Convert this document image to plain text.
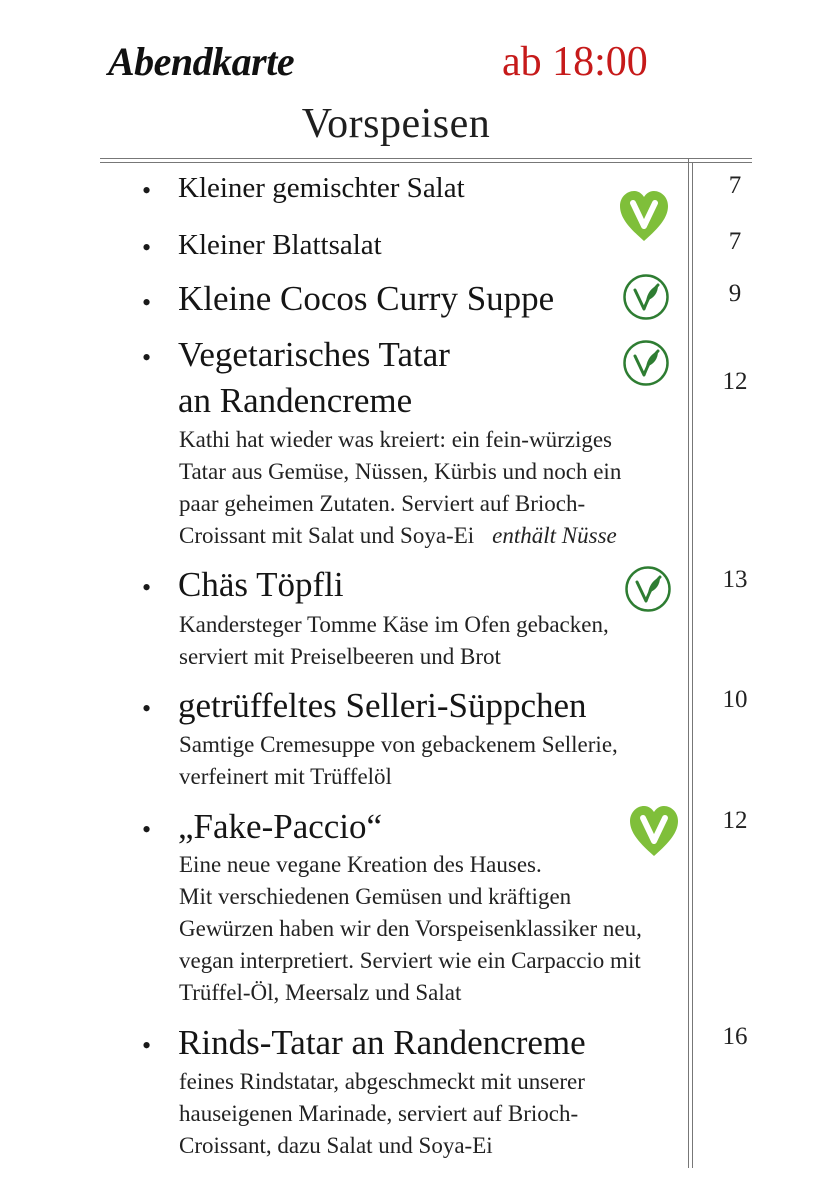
Abendkarte	ab 18:00
Vorspeisen
• Kleiner gemischter Salat	7
• Kleiner Blattsalat	7
• Kleine Cocos Curry Suppe	9
• Vegetarisches Tatar
an Randencreme	12
Kathi hat wieder was kreiert: ein fein-würziges
Tatar aus Gemüse, Nüssen, Kürbis und noch ein
paar geheimen Zutaten. Serviert auf Brioch-
Croissant mit Salat und Soya-Ei enthält Nüsse
• Chäs Töpfli	13
Kandersteger Tomme Käse im Ofen gebacken,
serviert mit Preiselbeeren und Brot
• getrüffeltes Selleri-Süppchen	10
Samtige Cremesuppe von gebackenem Sellerie,
verfeinert mit Trüffelöl
• „Fake-Paccio“	12
Eine neue vegane Kreation des Hauses.
Mit verschiedenen Gemüsen und kräftigen
Gewürzen haben wir den Vorspeisenklassiker neu,
vegan interpretiert. Serviert wie ein Carpaccio mit
Trüffel-Öl, Meersalz und Salat
• Rinds-Tatar an Randencreme	16
feines Rindstatar, abgeschmeckt mit unserer
hauseigenen Marinade, serviert auf Brioch-
Croissant, dazu Salat und Soya-Ei
